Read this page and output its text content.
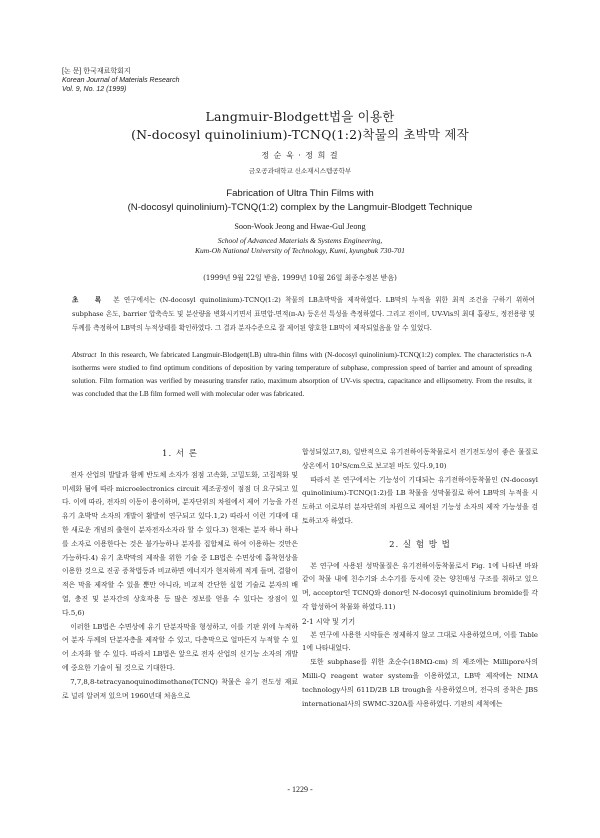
[논 문] 한국재료학회지
Korean Journal of Materials Research
Vol. 9, No. 12 (1999)
Langmuir-Blodgett법을 이용한
(N-docosyl quinolinium)-TCNQ(1:2)착물의 초박막 제작
정 순 욱 · 정 희 걸
금오공과대학교 신소재시스템공학부
Fabrication of Ultra Thin Films with
(N-docosyl quinolinium)-TCNQ(1:2) complex by the Langmuir-Blodgett Technique
Soon-Wook Jeong and Hwae-Gul Jeong
School of Advanced Materials & Systems Engineering,
Kum-Oh National University of Technology, Kumi, kyungbuk 730-701
(1999년 9월 22일 받음, 1999년 10월 26일 최종수정본 받음)
초 록 본 연구에서는 (N-docosyl quinolinium)-TCNQ(1:2) 착물의 LB초박막을 제작하였다. LB막의 누적을 위한 최적 조건을 구하기 위하여 subphase 온도, barrier 압축속도 및 분산량을 변화시키면서 표면압-면적(π-A) 등온선 특성을 측정하였다. 그리고 전이비, UV-Vis의 최대 흡광도, 정전용량 및 두께를 측정하여 LB막의 누적상태를 확인하였다. 그 결과 분자수준으로 잘 제어된 양호한 LB막이 제작되었음을 알 수 있었다.
Abstract In this research, We fabricated Langmuir-Blodgett(LB) ultra-thin films with (N-docosyl quinolinium)-TCNQ(1:2) complex. The characteristics π-A isotherms were studied to find optimum conditions of deposition by varing temperature of subphase, compression speed of barrier and amount of spreading solution. Film formation was verified by measuring transfer ratio, maximum absorption of UV-vis spectra, capacitance and ellipsometry. From the results, it was concluded that the LB film formed well with molecular oder was fabricated.
1. 서 론

전자 산업의 발달과 함께 반도체 소자가 점점 고속화, 고밀도화, 고집적화 및 미세화 됨에 따라 microelectronics circuit 제조공정이 점점 더 요구되고 있다. 이에 따라, 전자의 이동이 용이하며, 분자단위의 차원에서 제어 기능을 가진 유기 초박막 소자의 개발이 활발히 연구되고 있다.1,2) 따라서 이런 기대에 대한 새로운 개념의 출현이 분자전자소자라 할 수 있다.3) 현재는 분자 하나 하나를 소자로 이용한다는 것은 불가능하나 분자를 집합체로 하여 이용하는 것만은 가능하다.4) 유기 초박막의 제작을 위한 기술 중 LB법은 수면상에 흡착현상을 이용한 것으로 진공 증착법등과 비교하면 에너지가 현저하게 적게 들며, 결함이 적은 막을 제작할 수 있을 뿐만 아니라, 비교적 간단한 실험 기술로 분자의 배열, 충진 및 분자간의 상호작용 등 많은 정보를 얻을 수 있다는 장점이 있다.5,6)

이러한 LB법은 수면상에 유기 단분자막을 형성하고, 이를 기판 위에 누적하여 분자 두께의 단분자층을 제작할 수 있고, 다층막으로 얼마든지 누적할 수 있어 소자화 할 수 있다. 따라서 LB법은 앞으로 전자 산업의 신기능 소자의 개발에 중요한 기술이 될 것으로 기대한다.

7,7,8,8-tetracyanoquinodimethane(TCNQ) 착물은 유기 전도성 재료로 널리 알려져 있으며 1960년대 처음으로

합성되었고7,8), 일반적으로 유기전하이동착물로서 전기전도성이 좋은 물질로 상온에서 10²S/cm으로 보고된 바도 있다.9,10)

따라서 본 연구에서는 기능성이 기대되는 유기전하이동착물인 (N-docosyl quinolinium)-TCNQ(1:2)를 LB 착물을 성막물질로 하여 LB막의 누적을 시도하고 이로부터 분자단위의 차원으로 제어된 기능성 소자의 제작 가능성을 검토하고자 하였다.

2. 실 험 방 법

본 연구에 사용된 성막물질은 유기전하이동착물로서 Fig. 1에 나타낸 바와 같이 착물 내에 친수기와 소수기를 동시에 갖는 양친매성 구조를 취하고 있으며, acceptor인 TCNQ와 donor인 N-docosyl quinolinium bromide를 각각 합성하여 착물화 하였다.11)

2-1 시약 및 기기

본 연구에 사용한 시약들은 정제하지 않고 그대로 사용하였으며, 이를 Table 1에 나타내었다.

또한 subphase를 위한 초순수(18MΩ-cm) 의 제조에는 Millipore사의 Milli-Q reagent water system을 이용하였고, LB막 제작에는 NIMA technology사의 611D/2B LB trough을 사용하였으며, 전극의 증착은 JBS international사의 SWMC-320A를 사용하였다. 기판의 세척에는

- 1229 -
